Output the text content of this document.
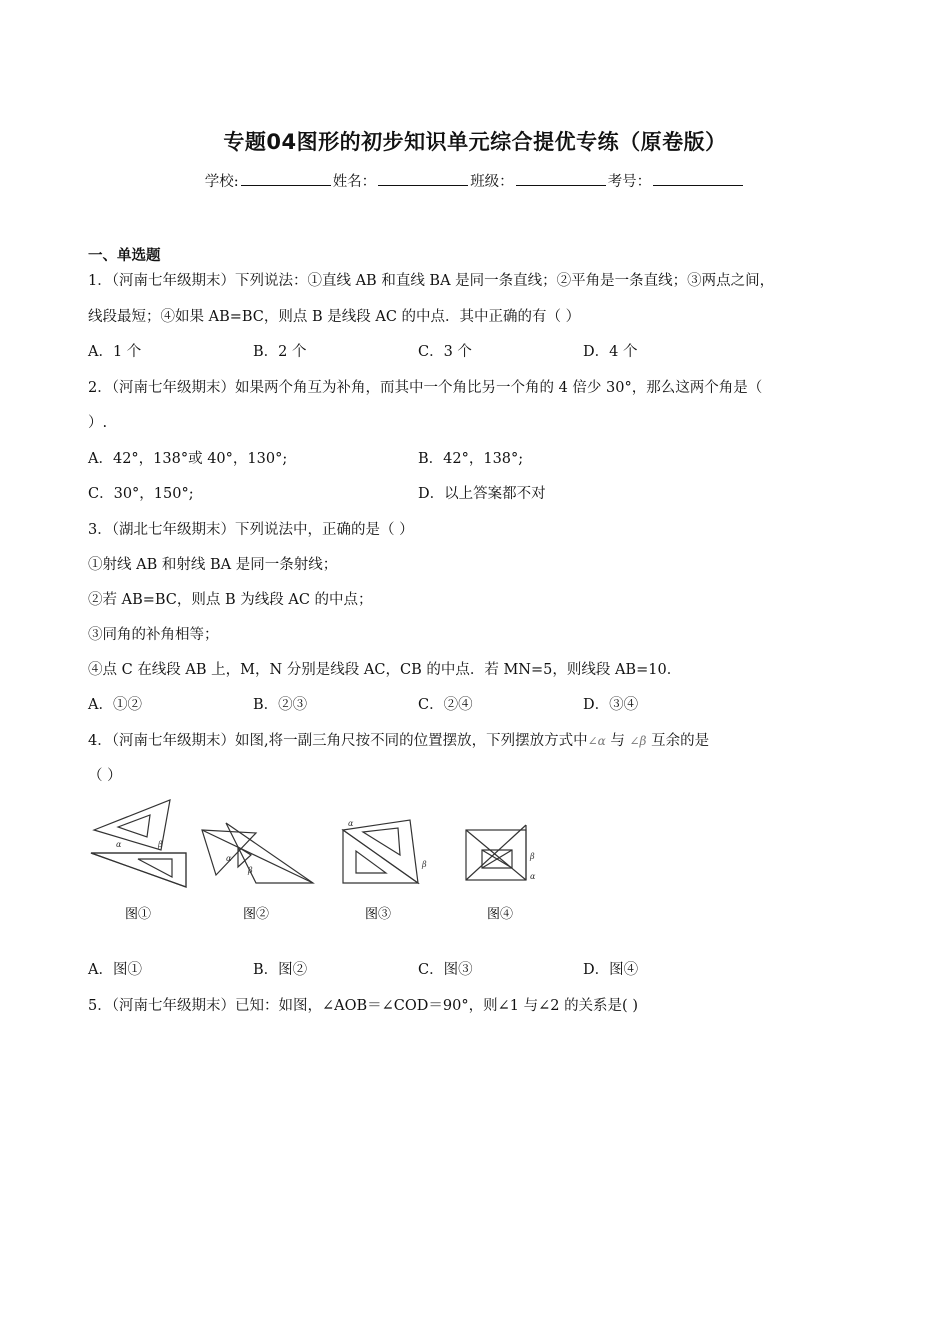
专题04图形的初步知识单元综合提优专练（原卷版）
学校:	姓名：	班级：	考号：
一、单选题
1．（河南七年级期末）下列说法：①直线 AB 和直线 BA 是同一条直线；②平角是一条直线；③两点之间，
线段最短；④如果 AB=BC，则点 B 是线段 AC 的中点．其中正确的有（ ）
A．1 个	B．2 个	C．3 个	D．4 个
2．（河南七年级期末）如果两个角互为补角，而其中一个角比另一个角的 4 倍少 30°，那么这两个角是（
）.
A．42°，138°或 40°，130°;	B．42°，138°;
C．30°，150°;	D．以上答案都不对
3．（湖北七年级期末）下列说法中，正确的是（ ）
①射线 AB 和射线 BA 是同一条射线；
②若 AB=BC，则点 B 为线段 AC 的中点；
③同角的补角相等；
④点 C 在线段 AB 上，M，N 分别是线段 AC，CB 的中点．若 MN=5，则线段 AB=10．
A．①②	B．②③	C．②④	D．③④
4．（河南七年级期末）如图,将一副三角尺按不同的位置摆放，下列摆放方式中∠α 与 ∠β 互余的是
（ ）
α	β
α
β
α
β
β
α
图①	图②	图③	图④
A．图①	B．图②	C．图③	D．图④
5．（河南七年级期末）已知：如图，∠AOB＝∠COD＝90°，则∠1 与∠2 的关系是( )
